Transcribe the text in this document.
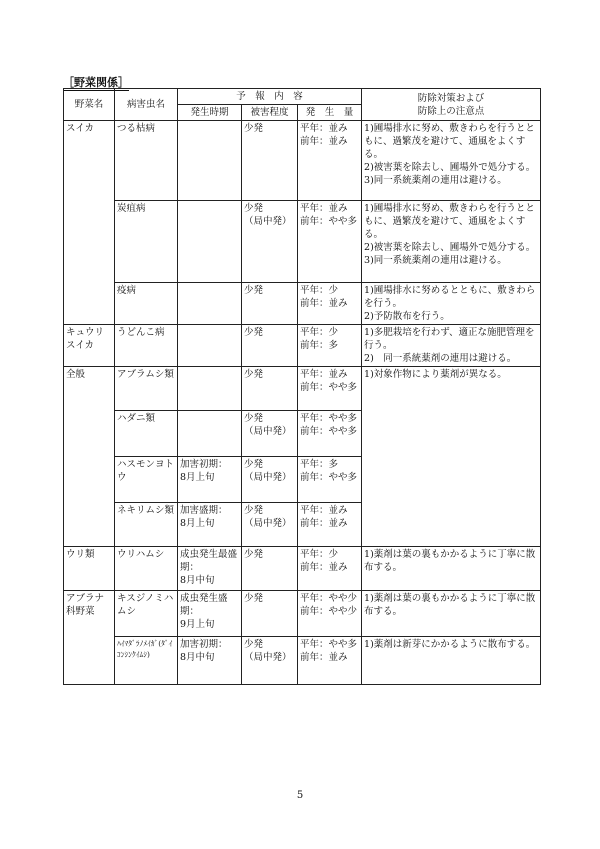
［野菜関係］
野菜名	病害虫名	予　報　内　容			防除対策および
防除上の注意点
		発生時期	被害程度	発　生　量	
スイカ	つる枯病		少発	平年：並み
前年：並み	1)圃場排水に努め、敷きわらを行うとともに、過繁茂を避けて、通風をよくする。
2)被害葉を除去し、圃場外で処分する。
3)同一系統薬剤の連用は避ける。
	炭疽病		少発
（局中発）	平年：並み
前年：やや多	1)圃場排水に努め、敷きわらを行うとともに、過繁茂を避けて、通風をよくする。
2)被害葉を除去し、圃場外で処分する。
3)同一系統薬剤の連用は避ける。
	疫病		少発	平年：少
前年：並み	1)圃場排水に努めるとともに、敷きわらを行う。
2)予防散布を行う。
キュウリ
スイカ	うどんこ病		少発	平年：少
前年：多	1)多肥栽培を行わず、適正な施肥管理を行う。
2)　同一系統薬剤の連用は避ける。
全般	アブラムシ類		少発	平年：並み
前年：やや多	1)対象作物により薬剤が異なる。
	ハダニ類		少発
（局中発）	平年：やや多
前年：やや多	
	ハスモンヨトウ	加害初期：
8月上旬	少発
（局中発）	平年：多
前年：やや多	
	ネキリムシ類	加害盛期：
8月上旬	少発
（局中発）	平年：並み
前年：並み	
ウリ類	ウリハムシ	成虫発生最盛期：
8月中旬	少発	平年：少
前年：並み	1)薬剤は葉の裏もかかるように丁寧に散布する。
アブラナ科野菜	キスジノミハムシ	成虫発生盛期：
9月上旬	少発	平年：やや少
前年：やや少	1)薬剤は葉の裏もかかるように丁寧に散布する。
	ﾊｲﾏﾀﾞﾗﾉﾒｲｶﾞ(ﾀﾞｲｺﾝｼﾝｸｲﾑｼ)	加害初期：
8月中旬	少発
（局中発）	平年：やや多
前年：並み	1)薬剤は新芽にかかるように散布する。
5
